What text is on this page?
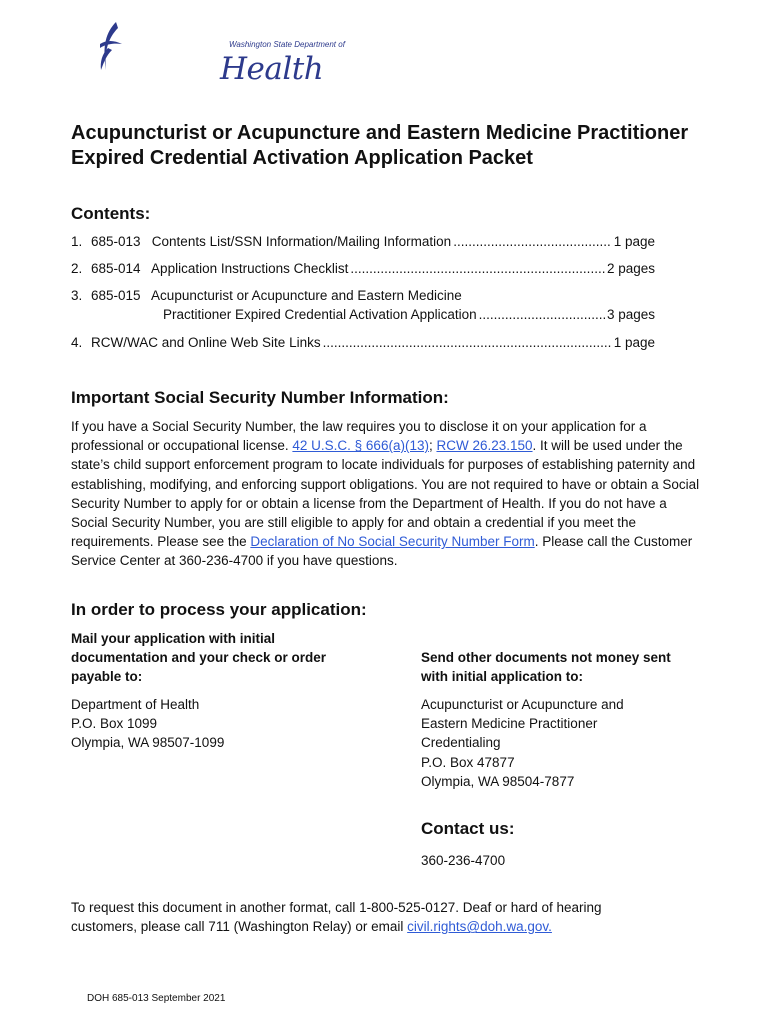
Washington State Department of
Health
Acupuncturist or Acupuncture and Eastern Medicine Practitioner Expired Credential Activation Application Packet
Contents:
1. 685-013   Contents List/SSN Information/Mailing Information .....	1 page
2. 685-014   Application Instructions Checklist .....	2 pages
3. 685-015   Acupuncturist or Acupuncture and Eastern Medicine
Practitioner Expired Credential Activation Application .....	3 pages
4. RCW/WAC and Online Web Site Links .....	1 page
Important Social Security Number Information:

If you have a Social Security Number, the law requires you to disclose it on your application for a professional or occupational license. 42 U.S.C. § 666(a)(13); RCW 26.23.150. It will be used under the state’s child support enforcement program to locate individuals for purposes of establishing paternity and establishing, modifying, and enforcing support obligations. You are not required to have or obtain a Social Security Number to apply for or obtain a license from the Department of Health. If you do not have a Social Security Number, you are still eligible to apply for and obtain a credential if you meet the requirements. Please see the Declaration of No Social Security Number Form. Please call the Customer Service Center at 360-236-4700 if you have questions.

In order to process your application:
Mail your application with initial documentation and your check or order payable to:
Department of Health
P.O. Box 1099
Olympia, WA 98507-1099
Send other documents not money sent with initial application to:
Acupuncturist or Acupuncture and
Eastern Medicine Practitioner
Credentialing
P.O. Box 47877
Olympia, WA 98504-7877
Contact us:
360-236-4700

To request this document in another format, call 1-800-525-0127. Deaf or hard of hearing customers, please call 711 (Washington Relay) or email civil.rights@doh.wa.gov.

DOH 685-013 September 2021
